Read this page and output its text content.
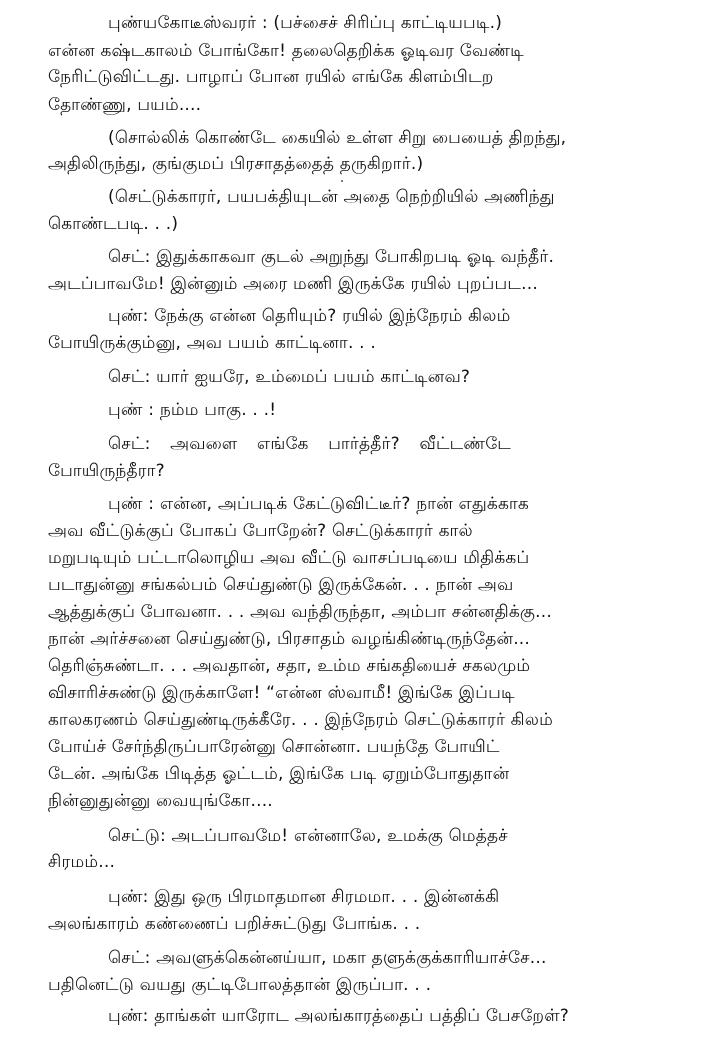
புண்யகோடீஸ்வரர் : (பச்சைச் சிரிப்பு காட்டியபடி.)
என்ன கஷ்டகாலம் போங்கோ! தலைதெறிக்க ஓடிவர வேண்டி
நேரிட்டுவிட்டது. பாழாப் போன ரயில் எங்கே கிளம்பிடற
தோண்ணு, பயம்....
(சொல்லிக் கொண்டே கையில் உள்ள சிறு பையைத் திறந்து,
அதிலிருந்து, குங்குமப் பிரசாதத்தைத் தருகிறார்.)
(செட்டுக்காரர், பயபக்தியுடன் அதை நெற்றியில் அணிந்து
கொண்டபடி. . .)
செட்: இதுக்காகவா குடல் அறுந்து போகிறபடி ஓடி வந்தீர்.
அடப்பாவமே! இன்னும் அரை மணி இருக்கே ரயில் புறப்பட...
புண்: நேக்கு என்ன தெரியும்? ரயில் இந்நேரம் கிலம்
போயிருக்கும்னு, அவ பயம் காட்டினா. . .
செட்: யார் ஐயரே, உம்மைப் பயம் காட்டினவ?
புண் : நம்ம பாகு. . .!
செட்: அவளை எங்கே பார்த்தீர்? வீட்டண்டே
போயிருந்தீரா?
புண் : என்ன, அப்படிக் கேட்டுவிட்டீர்? நான் எதுக்காக
அவ வீட்டுக்குப் போகப் போறேன்? செட்டுக்காரர் கால்
மறுபடியும் பட்டாலொழிய அவ வீட்டு வாசப்படியை மிதிக்கப்
படாதுன்னு சங்கல்பம் செய்துண்டு இருக்கேன். . . நான் அவ
ஆத்துக்குப் போவனா. . . அவ வந்திருந்தா, அம்பா சன்னதிக்கு...
நான் அர்ச்சனை செய்துண்டு, பிரசாதம் வழங்கிண்டிருந்தேன்...
தெரிஞ்சுண்டா. . . அவதான், சதா, உம்ம சங்கதியைச் சகலமும்
விசாரிச்சுண்டு இருக்காளே! “என்ன ஸ்வாமீ! இங்கே இப்படி
காலகரணம் செய்துண்டிருக்கீரே. . . இந்நேரம் செட்டுக்காரர் கிலம்
போய்ச் சேர்ந்திருப்பாரேன்னு சொன்னா. பயந்தே போயிட்
டேன். அங்கே பிடித்த ஓட்டம், இங்கே படி ஏறும்போதுதான்
நின்னுதுன்னு வையுங்கோ....
செட்டு: அடப்பாவமே! என்னாலே, உமக்கு மெத்தச்
சிரமம்...
புண்: இது ஒரு பிரமாதமான சிரமமா. . . இன்னக்கி
அலங்காரம் கண்ணைப் பறிச்சுட்டுது போங்க. . .
செட்: அவளுக்கென்னய்யா, மகா தளுக்குக்காரியாச்சே...
பதினெட்டு வயது குட்டிபோலத்தான் இருப்பா. . .
புண்: தாங்கள் யாரோட அலங்காரத்தைப் பத்திப் பேசறேள்?
